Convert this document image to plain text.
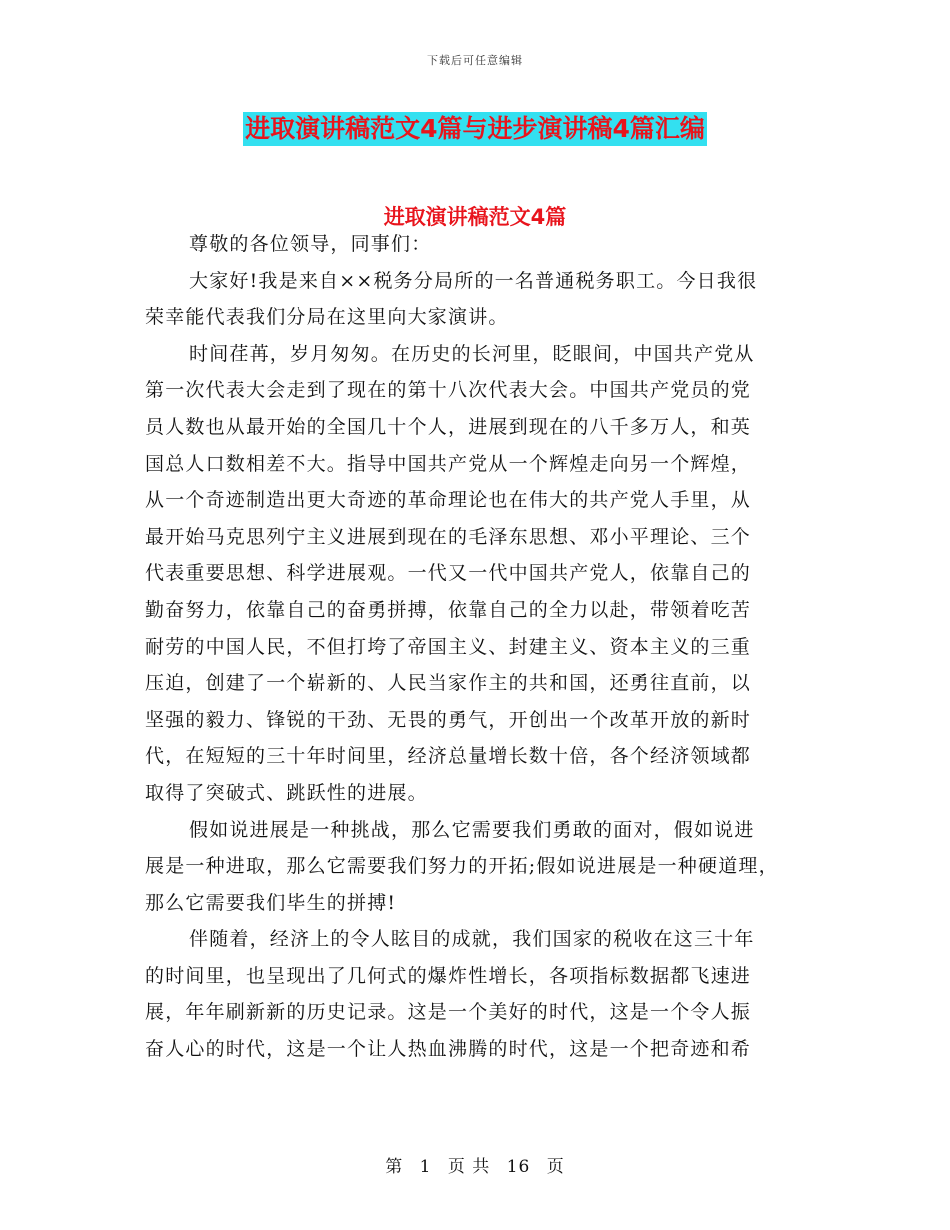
下载后可任意编辑
进取演讲稿范文4篇与进步演讲稿4篇汇编
进取演讲稿范文4篇
尊敬的各位领导，同事们：
大家好!我是来自××税务分局所的一名普通税务职工。今日我很
荣幸能代表我们分局在这里向大家演讲。
时间荏苒，岁月匆匆。在历史的长河里，眨眼间，中国共产党从
第一次代表大会走到了现在的第十八次代表大会。中国共产党员的党
员人数也从最开始的全国几十个人，进展到现在的八千多万人，和英
国总人口数相差不大。指导中国共产党从一个辉煌走向另一个辉煌，
从一个奇迹制造出更大奇迹的革命理论也在伟大的共产党人手里，从
最开始马克思列宁主义进展到现在的毛泽东思想、邓小平理论、三个
代表重要思想、科学进展观。一代又一代中国共产党人，依靠自己的
勤奋努力，依靠自己的奋勇拼搏，依靠自己的全力以赴，带领着吃苦
耐劳的中国人民，不但打垮了帝国主义、封建主义、资本主义的三重
压迫，创建了一个崭新的、人民当家作主的共和国，还勇往直前，以
坚强的毅力、锋锐的干劲、无畏的勇气，开创出一个改革开放的新时
代，在短短的三十年时间里，经济总量增长数十倍，各个经济领域都
取得了突破式、跳跃性的进展。
假如说进展是一种挑战，那么它需要我们勇敢的面对，假如说进
展是一种进取，那么它需要我们努力的开拓;假如说进展是一种硬道理，
那么它需要我们毕生的拼搏!
伴随着，经济上的令人眩目的成就，我们国家的税收在这三十年
的时间里，也呈现出了几何式的爆炸性增长，各项指标数据都飞速进
展，年年刷新新的历史记录。这是一个美好的时代，这是一个令人振
奋人心的时代，这是一个让人热血沸腾的时代，这是一个把奇迹和希
第 1 页 共 16 页
